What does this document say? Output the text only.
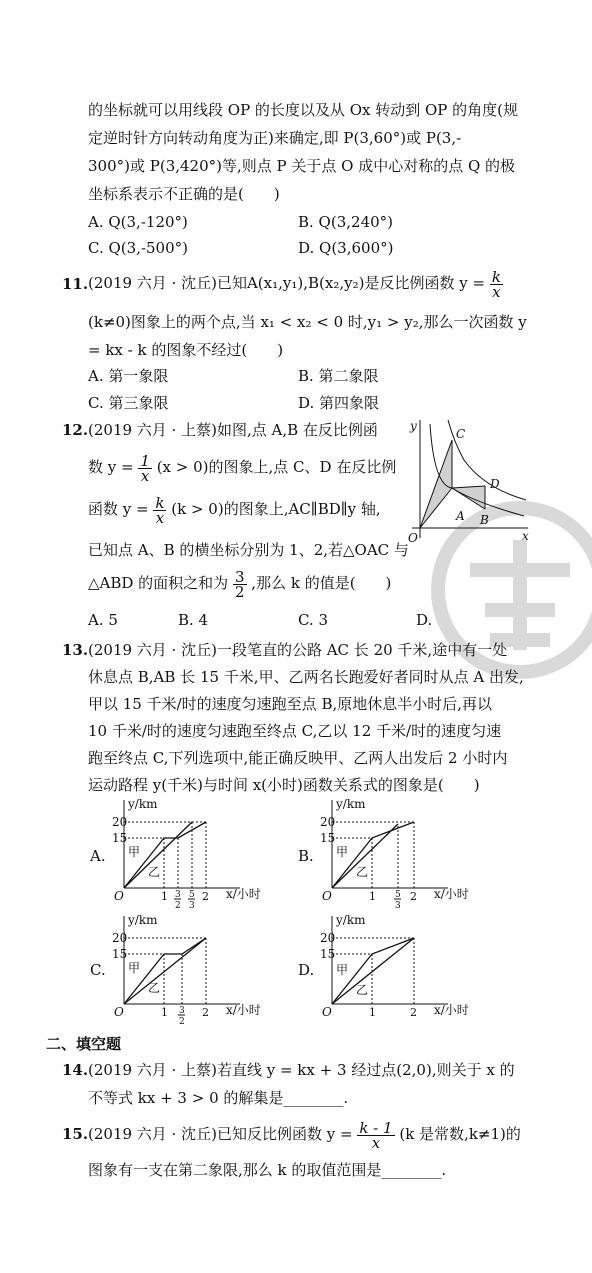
的坐标就可以用线段 OP 的长度以及从 Ox 转动到 OP 的角度(规
定逆时针方向转动角度为正)来确定,即 P(3,60°)或 P(3,-
300°)或 P(3,420°)等,则点 P 关于点 O 成中心对称的点 Q 的极
坐标系表示不正确的是(　　)
A. Q(3,-120°)	B. Q(3,240°)
C. Q(3,-500°)	D. Q(3,600°)
11. (2019 六月 · 沈丘)已知A(x₁,y₁),B(x₂,y₂)是反比例函数 $y = \frac{k}{x}$
(k≠0)图象上的两个点,当 x₁ < x₂ < 0 时,y₁ > y₂,那么一次函数 y
= kx - k 的图象不经过(　　)
A. 第一象限	B. 第二象限
C. 第三象限	D. 第四象限
12. (2019 六月 · 上蔡)如图,点 A,B 在反比例函
数 $y = \frac{1}{x} (x > 0)$的图象上,点 C、D 在反比例
函数 $y = \frac{k}{x} (k > 0)$的图象上,AC∥BD∥y 轴,
已知点 A、B 的横坐标分别为 1、2,若△OAC 与
△ABD 的面积之和为 $\frac{3}{2}$ ,那么 k 的值是(　　)
A. 5	B. 4	C. 3	D. 2
y
x
O
C
D
A B
13. (2019 六月 · 沈丘)一段笔直的公路 AC 长 20 千米,途中有一处
休息点 B,AB 长 15 千米,甲、乙两名长跑爱好者同时从点 A 出发,
甲以 15 千米/时的速度匀速跑至点 B,原地休息半小时后,再以
10 千米/时的速度匀速跑至终点 C,乙以 12 千米/时的速度匀速
跑至终点 C,下列选项中,能正确反映甲、乙两人出发后 2 小时内
运动路程 y(千米)与时间 x(小时)函数关系式的图象是(　　)
A.	B.
C.	D.
y/km
x/小时
20
15
O	1 3
2
5
3
2
甲
乙
y/km
x/小时
20
15
O	1 5
3
2
甲
乙
y/km
x/小时
20
15
O	1 3
2
2
甲
乙
y/km
x/小时
20
15
O	1	2
甲
乙
二、填空题
14. (2019 六月 · 上蔡)若直线 y = kx + 3 经过点(2,0),则关于 x 的
不等式 kx + 3 > 0 的解集是________.
15. (2019 六月 · 沈丘)已知反比例函数 $y = \frac{k - 1}{x} (k$ 是常数,k≠1)的
图象有一支在第二象限,那么 k 的取值范围是________.
